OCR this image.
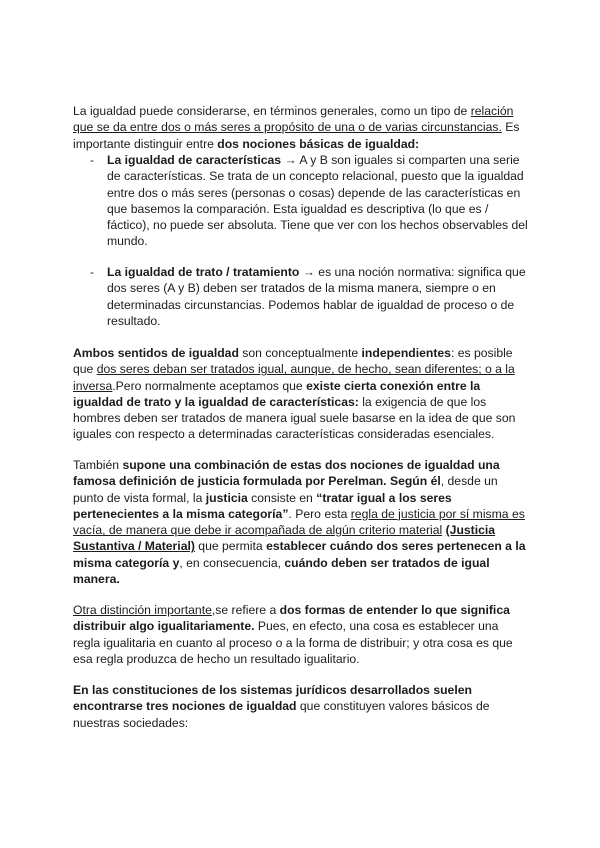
La igualdad puede considerarse, en términos generales, como un tipo de relación que se da entre dos o más seres a propósito de una o de varias circunstancias. Es importante distinguir entre dos nociones básicas de igualdad:

- La igualdad de características → A y B son iguales si comparten una serie de características. Se trata de un concepto relacional, puesto que la igualdad entre dos o más seres (personas o cosas) depende de las características en que basemos la comparación. Esta igualdad es descriptiva (lo que es / fáctico), no puede ser absoluta. Tiene que ver con los hechos observables del mundo.

- La igualdad de trato / tratamiento → es una noción normativa: significa que dos seres (A y B) deben ser tratados de la misma manera, siempre o en determinadas circunstancias. Podemos hablar de igualdad de proceso o de resultado.

Ambos sentidos de igualdad son conceptualmente independientes: es posible que dos seres deban ser tratados igual, aunque, de hecho, sean diferentes; o a la inversa.Pero normalmente aceptamos que existe cierta conexión entre la igualdad de trato y la igualdad de características: la exigencia de que los hombres deben ser tratados de manera igual suele basarse en la idea de que son iguales con respecto a determinadas características consideradas esenciales.

También supone una combinación de estas dos nociones de igualdad una famosa definición de justicia formulada por Perelman. Según él, desde un punto de vista formal, la justicia consiste en “tratar igual a los seres pertenecientes a la misma categoría”. Pero esta regla de justicia por sí misma es vacía, de manera que debe ir acompañada de algún criterio material (Justicia Sustantiva / Material) que permita establecer cuándo dos seres pertenecen a la misma categoría y, en consecuencia, cuándo deben ser tratados de igual manera.

Otra distinción importante,se refiere a dos formas de entender lo que significa distribuir algo igualitariamente. Pues, en efecto, una cosa es establecer una regla igualitaria en cuanto al proceso o a la forma de distribuir; y otra cosa es que esa regla produzca de hecho un resultado igualitario.

En las constituciones de los sistemas jurídicos desarrollados suelen encontrarse tres nociones de igualdad que constituyen valores básicos de nuestras sociedades:
